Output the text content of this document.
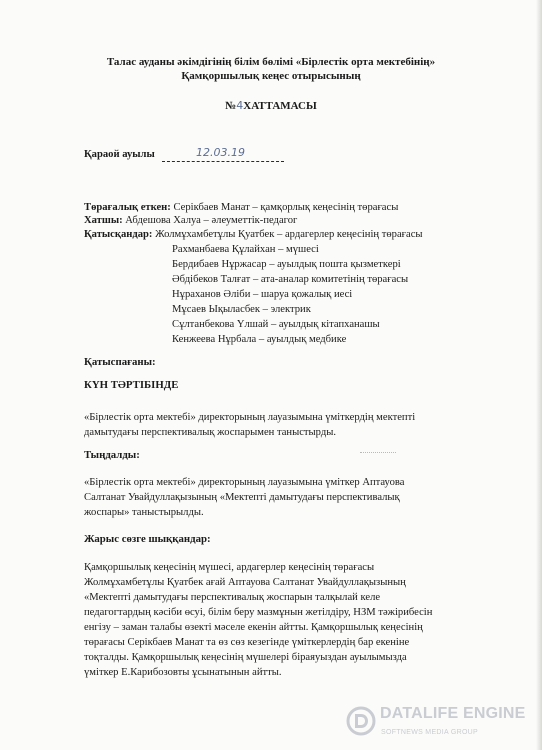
Талас ауданы әкімдігінің білім бөлімі «Бірлестік орта мектебінің»
Қамқоршылық кеңес отырысының
№4ХАТТАМАСЫ
Қараой ауылы	12.03.19
Төрағалық еткен: Серікбаев Манат – қамқорлық кеңесінің төрағасы
Хатшы: Абдешова Халуа – әлеуметтік-педагог
Қатысқандар: Жолмұхамбетұлы Қуатбек – ардагерлер кеңесінің төрағасы
Рахманбаева Құлайхан – мүшесі
Бердибаев Нұржасар – ауылдық пошта қызметкері
Әбдібеков Талғат – ата-аналар комитетінің төрағасы
Нұраханов Әліби – шаруа қожалық иесі
Мұсаев Ықыласбек – электрик
Сұлтанбекова Үлшай – ауылдық кітапханашы
Кенжеева Нұрбала – ауылдық медбике
Қатыспағаны:
КҮН ТӘРТІБІНДЕ
«Бірлестік орта мектебі» директорының лауазымына үміткердің мектепті
дамытудағы перспективалық жоспарымен таныстырды.
Тыңдалды:
«Бірлестік орта мектебі» директорының лауазымына үміткер Аптауова
Салтанат Увайдуллақызының «Мектепті дамытудағы перспективалық
жоспары» таныстырылды.
Жарыс сөзге шыққандар:
Қамқоршылық кеңесінің мүшесі, ардагерлер кеңесінің төрағасы
Жолмұхамбетұлы Қуатбек ағай Аптауова Салтанат Увайдуллақызының
«Мектепті дамытудағы перспективалық жоспарын талқылай келе
педагогтардың кәсіби өсуі, білім беру мазмұнын жетілдіру, НЗМ тәжірибесін
енгізу – заман талабы өзекті мәселе екенін айтты. Қамқоршылық кеңесінің
төрағасы Серікбаев Манат та өз сөз кезегінде үміткерлердің бар екеніне
тоқталды. Қамқоршылық кеңесінің мүшелері біраяуыздан ауылымызда
үміткер Е.Карибозовты ұсынатынын айтты.
DATALIFE ENGINE
SOFTNEWS MEDIA GROUP
